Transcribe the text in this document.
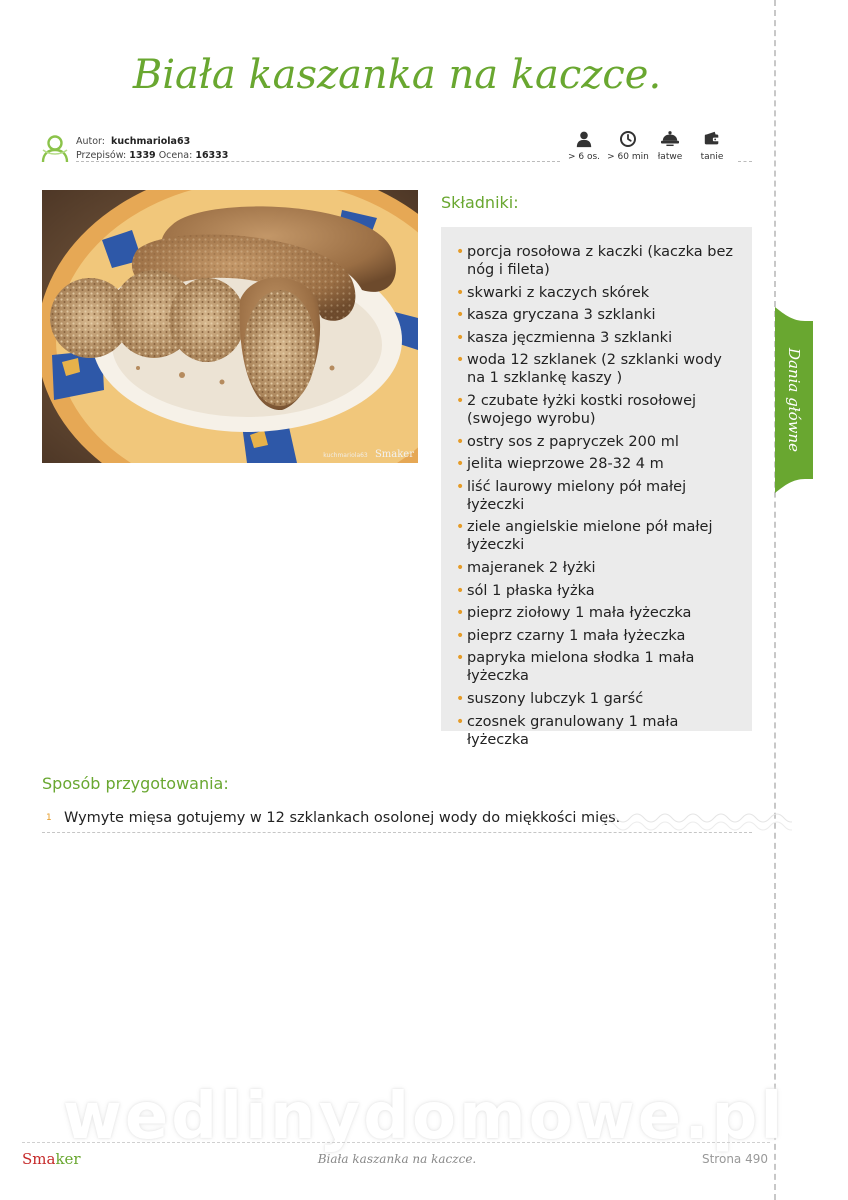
Biała kaszanka na kaczce.
Autor: kuchmariola63
Przepisów: 1339 Ocena: 16333	> 6 os. > 60 min łatwe	tanie
kuchmariola63 Smaker
Składniki:
• porcja rosołowa z kaczki (kaczka bez nóg i fileta)
• skwarki z kaczych skórek
• kasza gryczana 3 szklanki
• kasza jęczmienna 3 szklanki
• woda 12 szklanek (2 szklanki wody na 1 szklankę kaszy )
• 2 czubate łyżki kostki rosołowej (swojego wyrobu)
• ostry sos z papryczek 200 ml
• jelita wieprzowe 28-32 4 m
• liść laurowy mielony pół małej łyżeczki
• ziele angielskie mielone pół małej łyżeczki
• majeranek 2 łyżki
• sól 1 płaska łyżka
• pieprz ziołowy 1 mała łyżeczka
• pieprz czarny 1 mała łyżeczka
• papryka mielona słodka 1 mała łyżeczka
• suszony lubczyk 1 garść
• czosnek granulowany 1 mała łyżeczka
Dania główne
Sposób przygotowania:
1 Wymyte mięsa gotujemy w 12 szklankach osolonej wody do miękkości mięs.
wedlinydomowe.pl
Smaker	Biała kaszanka na kaczce.	Strona 490
